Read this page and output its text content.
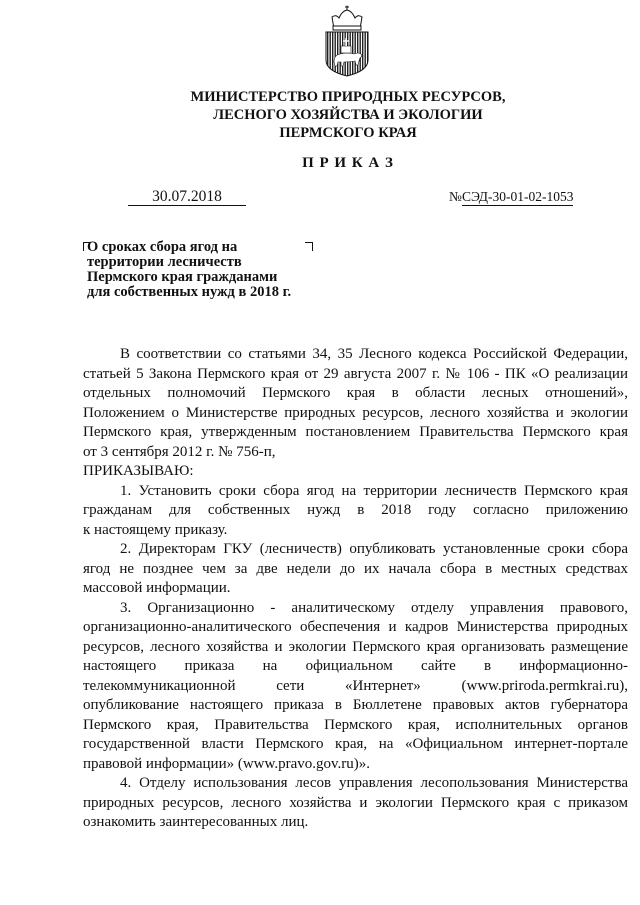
МИНИСТЕРСТВО ПРИРОДНЫХ РЕСУРСОВ,
ЛЕСНОГО ХОЗЯЙСТВА И ЭКОЛОГИИ
ПЕРМСКОГО КРАЯ
П Р И К А З
30.07.2018	№ СЭД-30-01-02-1053
О сроках сбора ягод на
территории лесничеств
Пермского края гражданами
для собственных нужд в 2018 г.
В соответствии со статьями 34, 35 Лесного кодекса Российской Федерации,
статьей 5 Закона Пермского края от 29 августа 2007 г. № 106 - ПК «О реализации
отдельных полномочий Пермского края в области лесных отношений»,
Положением о Министерстве природных ресурсов, лесного хозяйства и экологии
Пермского края, утвержденным постановлением Правительства Пермского края
от 3 сентября 2012 г. № 756-п,
ПРИКАЗЫВАЮ:
1. Установить сроки сбора ягод на территории лесничеств Пермского края
гражданам для собственных нужд в 2018 году согласно приложению
к настоящему приказу.
2. Директорам ГКУ (лесничеств) опубликовать установленные сроки сбора
ягод не позднее чем за две недели до их начала сбора в местных средствах
массовой информации.
3. Организационно - аналитическому отделу управления правового,
организационно-аналитического обеспечения и кадров Министерства природных
ресурсов, лесного хозяйства и экологии Пермского края организовать размещение
настоящего приказа на официальном сайте в информационно-
телекоммуникационной сети «Интернет» (www.priroda.permkrai.ru),
опубликование настоящего приказа в Бюллетене правовых актов губернатора
Пермского края, Правительства Пермского края, исполнительных органов
государственной власти Пермского края, на «Официальном интернет-портале
правовой информации» (www.pravo.gov.ru)».
4. Отделу использования лесов управления лесопользования Министерства
природных ресурсов, лесного хозяйства и экологии Пермского края с приказом
ознакомить заинтересованных лиц.
